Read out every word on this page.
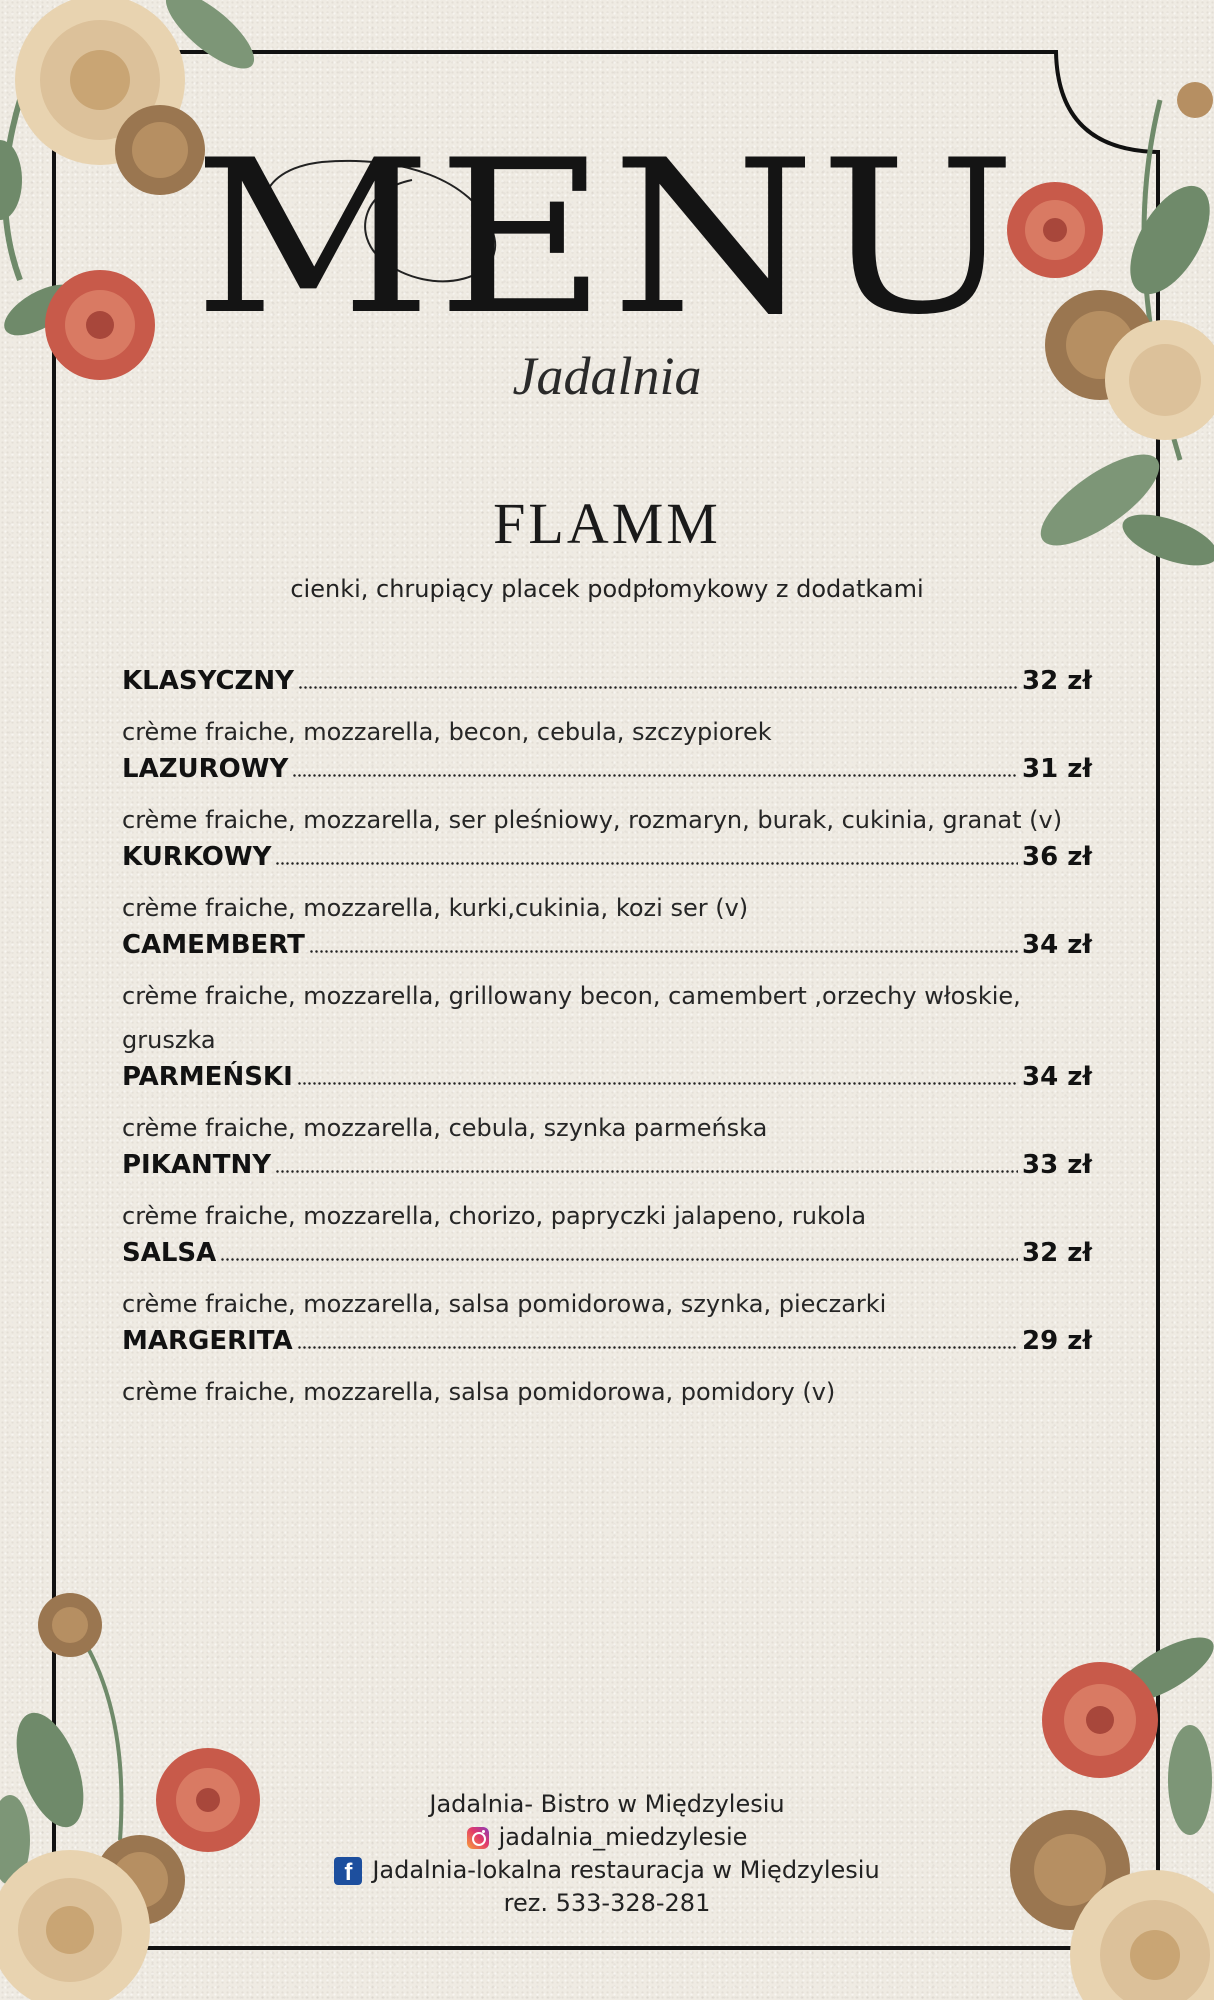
MENU
Jadalnia
FLAMM
cienki, chrupiący placek podpłomykowy z dodatkami
KLASYCZNY	32 zł
crème fraiche, mozzarella, becon, cebula, szczypiorek
LAZUROWY	31 zł
crème fraiche, mozzarella, ser pleśniowy, rozmaryn, burak, cukinia, granat (v)
KURKOWY	36 zł
crème fraiche, mozzarella, kurki,cukinia, kozi ser (v)
CAMEMBERT	34 zł
crème fraiche, mozzarella, grillowany becon, camembert ,orzechy włoskie,
gruszka
PARMEŃSKI	34 zł
crème fraiche, mozzarella, cebula, szynka parmeńska
PIKANTNY	33 zł
crème fraiche, mozzarella, chorizo, papryczki jalapeno, rukola
SALSA	32 zł
crème fraiche, mozzarella, salsa pomidorowa, szynka, pieczarki
MARGERITA	29 zł
crème fraiche, mozzarella, salsa pomidorowa, pomidory (v)
Jadalnia- Bistro w Międzylesiu
jadalnia_miedzylesie
f Jadalnia-lokalna restauracja w Międzylesiu
rez. 533-328-281
